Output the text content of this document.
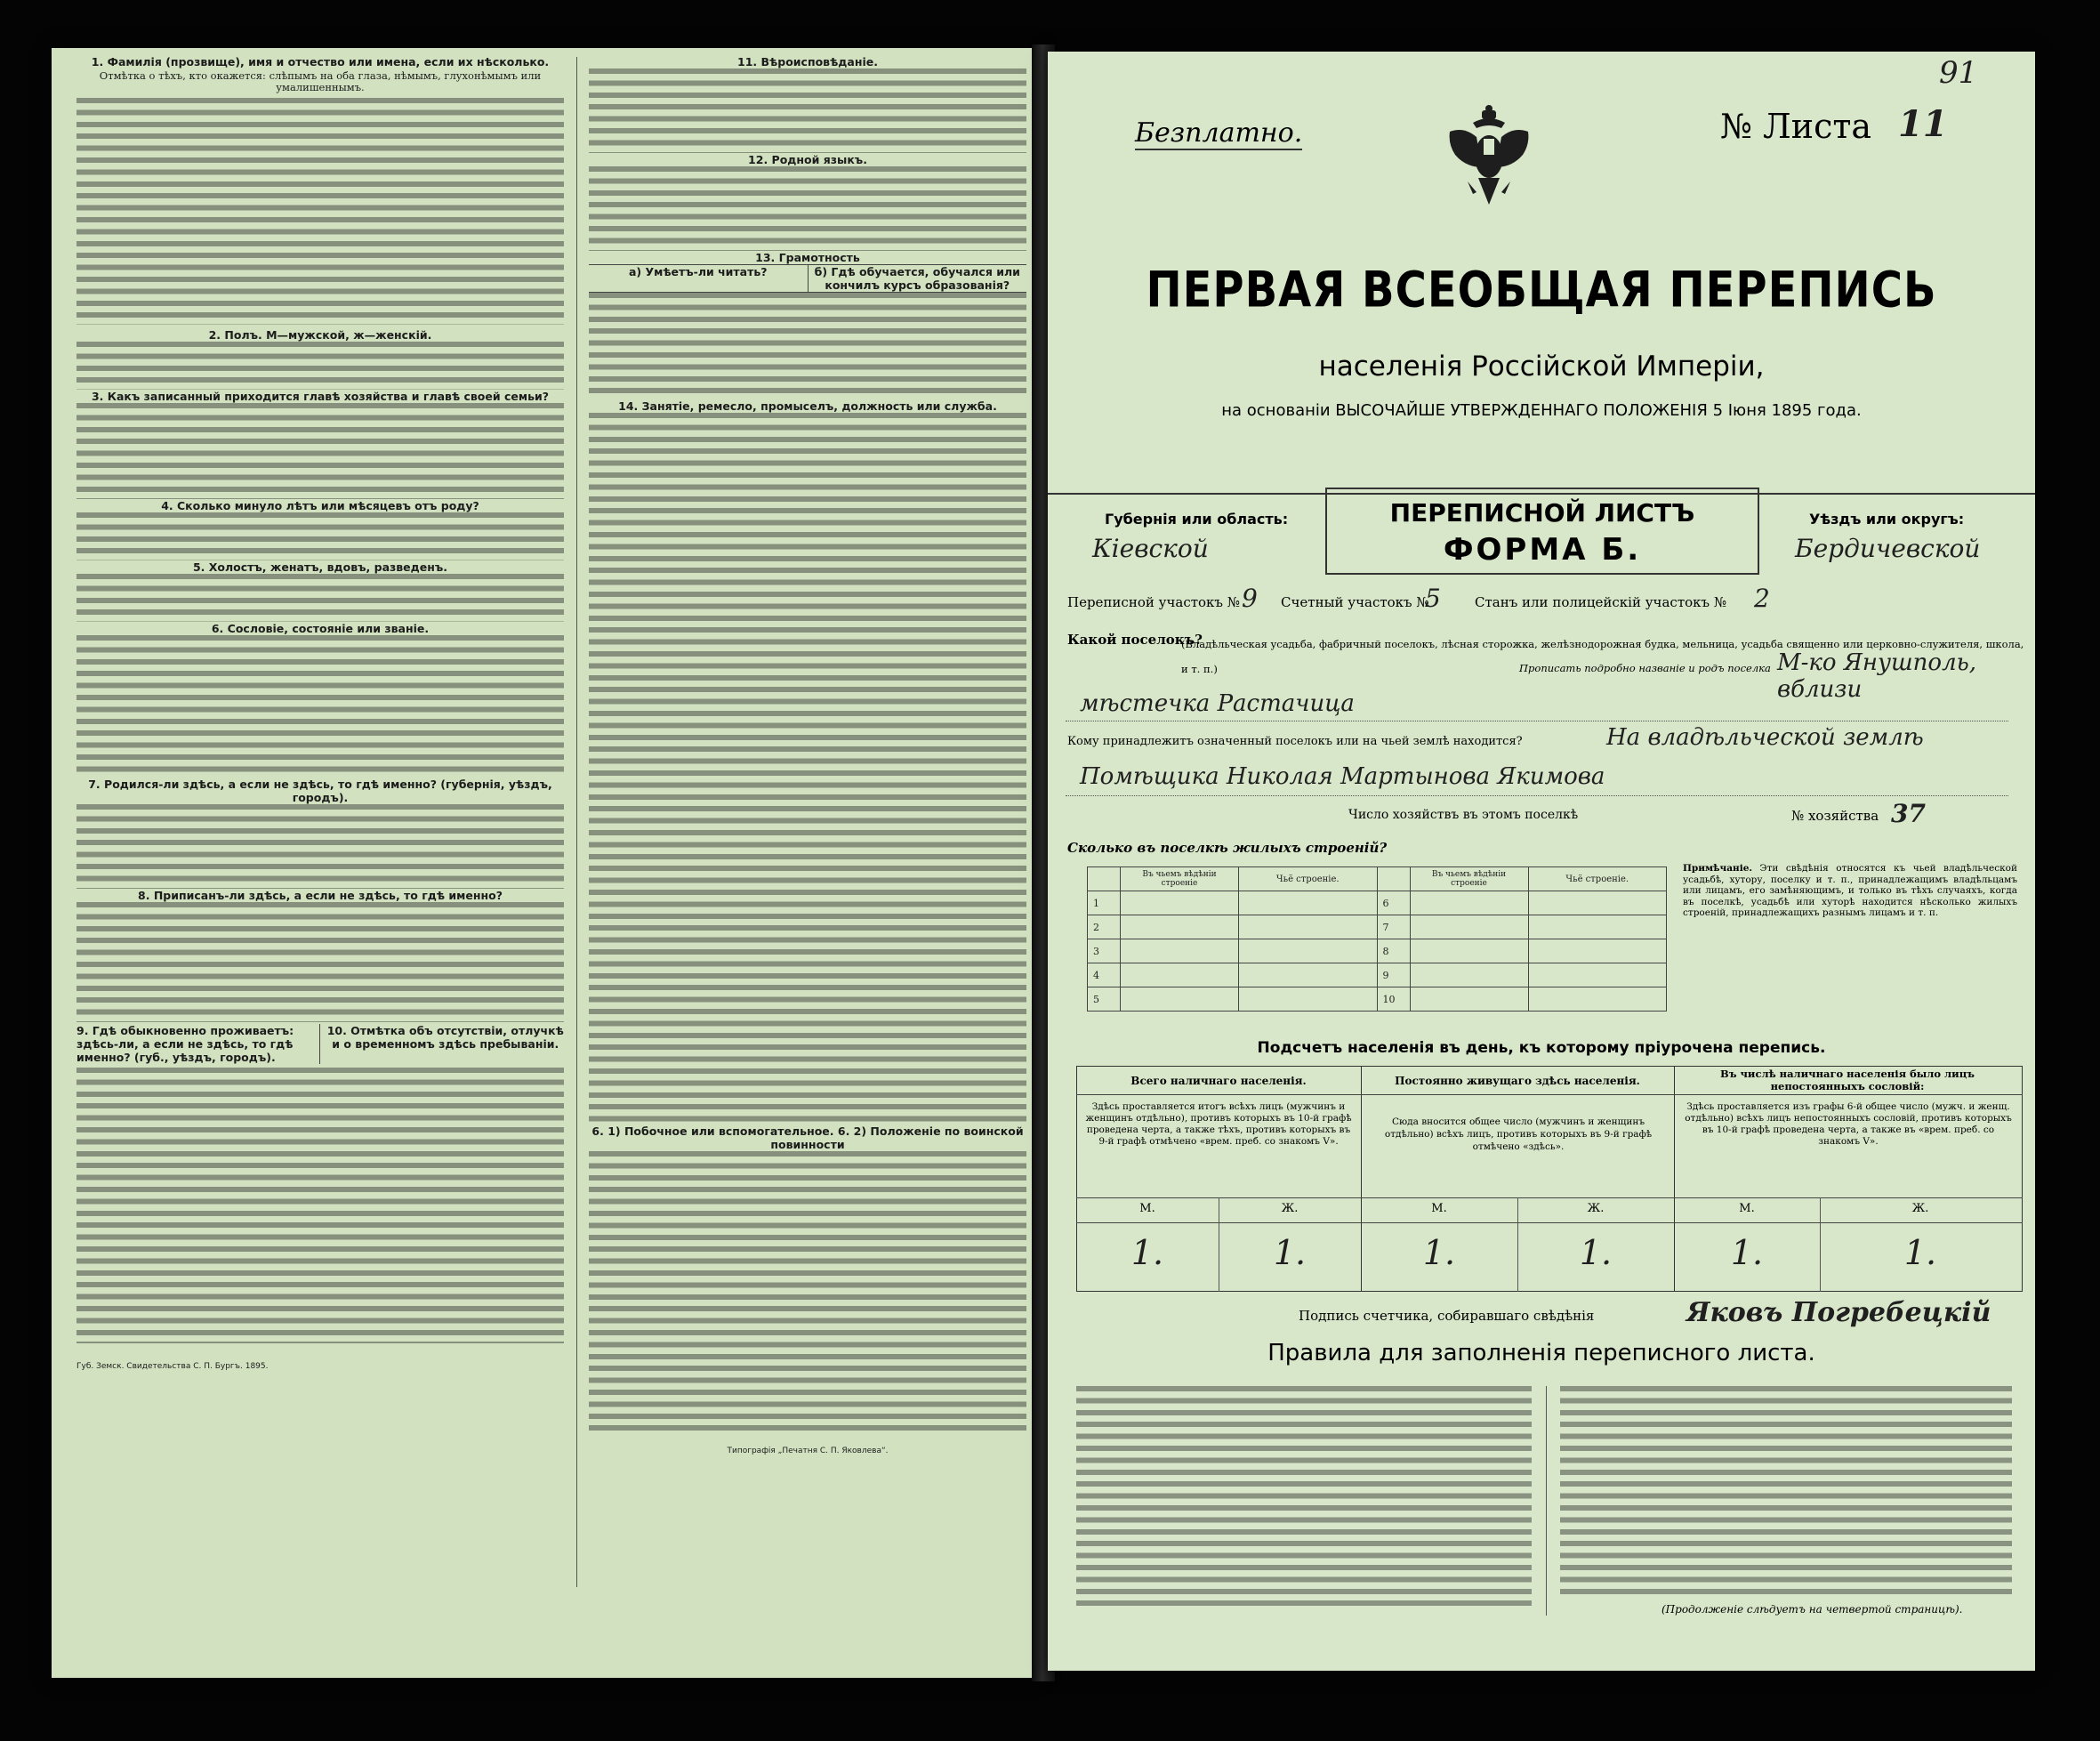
1. Фамилія (прозвище), имя и отчество или имена, если их нѣсколько.
Отмѣтка о тѣхъ, кто окажется: слѣпымъ на оба глаза, нѣмымъ, глухонѣмымъ или умалишеннымъ.
2. Полъ. М—мужской, ж—женскій.
3. Какъ записанный приходится главѣ хозяйства и главѣ своей семьи?
4. Сколько минуло лѣтъ или мѣсяцевъ отъ роду?
5. Холостъ, женатъ, вдовъ, разведенъ.
6. Сословіе, состояніе или званіе.
7. Родился-ли здѣсь, а если не здѣсь, то гдѣ именно? (губернія, уѣздъ, городъ).
8. Приписанъ-ли здѣсь, а если не здѣсь, то гдѣ именно?
9. Гдѣ обыкновенно проживаетъ: здѣсь-ли, а если не здѣсь, то гдѣ именно? (губ., уѣздъ, городъ).
10. Отмѣтка объ отсутствіи, отлучкѣ и о временномъ здѣсь пребываніи.
Губ. Земск. Свидетельства С. П. Бургъ. 1895.
11. Вѣроисповѣданіе.
12. Родной языкъ.
13. Грамотность
а) Умѣетъ-ли читать?	б) Гдѣ обучается, обучался или кончилъ курсъ образованія?
14. Занятіе, ремесло, промыселъ, должность или служба.
6. 1) Побочное или вспомогательное. 6. 2) Положеніе по воинской повинности
Типографія „Печатня С. П. Яковлева“.
91
Безплатно.	№ Листа 11
ПЕРВАЯ ВСЕОБЩАЯ ПЕРЕПИСЬ
населенія Россійской Имперіи,
на основаніи ВЫСОЧАЙШЕ УТВЕРЖДЕННАГО ПОЛОЖЕНІЯ 5 Іюня 1895 года.
Губернія или область:
Кіевской
ПЕРЕПИСНОЙ ЛИСТЪ
ФОРМА Б.
Уѣздъ или округъ:
Бердичевской
Переписной участокъ № 9 Счетный участокъ №
5	Станъ или полицейскій участокъ № 2
Какой поселокъ?
(Владѣльческая усадьба, фабричный поселокъ, лѣсная сторожка, желѣзнодорожная будка, мельница, усадьба священно или церковно-служителя, школа, и т. п.)	Прописать подробно названіе и родъ поселка М-ко Янушполь, вблизи
мѣстечка Растачица
Кому принадлежитъ означенный поселокъ или на чьей землѣ находится?	На владѣльческой землѣ
Помѣщика Николая Мартынова Якимова
Число хозяйствъ въ этомъ поселкѣ	№ хозяйства 37
Сколько въ поселкѣ жилыхъ строеній?
	Въ чьемъ вѣдѣніи строеніе	Чьё строеніе.		Въ чьемъ вѣдѣніи строеніе	Чьё строеніе.
1			6		
2			7		
3			8		
4			9		
5			10		
Примѣчаніе. Эти свѣдѣнія относятся къ чьей владѣльческой усадьбѣ, хутору, поселку и т. п., принадлежащимъ владѣльцамъ или лицамъ, его замѣняющимъ, и только въ тѣхъ случаяхъ, когда въ поселкѣ, усадьбѣ или хуторѣ находится нѣсколько жилыхъ строеній, принадлежащихъ разнымъ лицамъ и т. п.
Подсчетъ населенія въ день, къ которому пріурочена перепись.
Всего наличнаго населенія.	Постоянно живущаго здѣсь населенія.
Въ числѣ наличнаго населенія было лицъ непостоянныхъ сословій:
Здѣсь проставляется итогъ всѣхъ лицъ (мужчинъ и женщинъ отдѣльно), противъ которыхъ въ 10-й графѣ проведена черта, а также тѣхъ, противъ которыхъ въ 9-й графѣ отмѣчено «врем. преб. со знакомъ V».
Сюда вносится общее число (мужчинъ и женщинъ отдѣльно) всѣхъ лицъ, противъ которыхъ въ 9-й графѣ отмѣчено «здѣсь».
Здѣсь проставляется изъ графы 6-й общее число (мужч. и женщ. отдѣльно) всѣхъ лицъ непостоянныхъ сословій, противъ которыхъ въ 10-й графѣ проведена черта, а также въ «врем. преб. со знакомъ V».
М.	Ж.	М.	Ж.	М.	Ж.
1.	1.	1.	1.	1.	1.
Подпись счетчика, собиравшаго свѣдѣнія	Яковъ Погребецкій
Правила для заполненія переписного листа.
(Продолженіе слѣдуетъ на четвертой страницѣ).
